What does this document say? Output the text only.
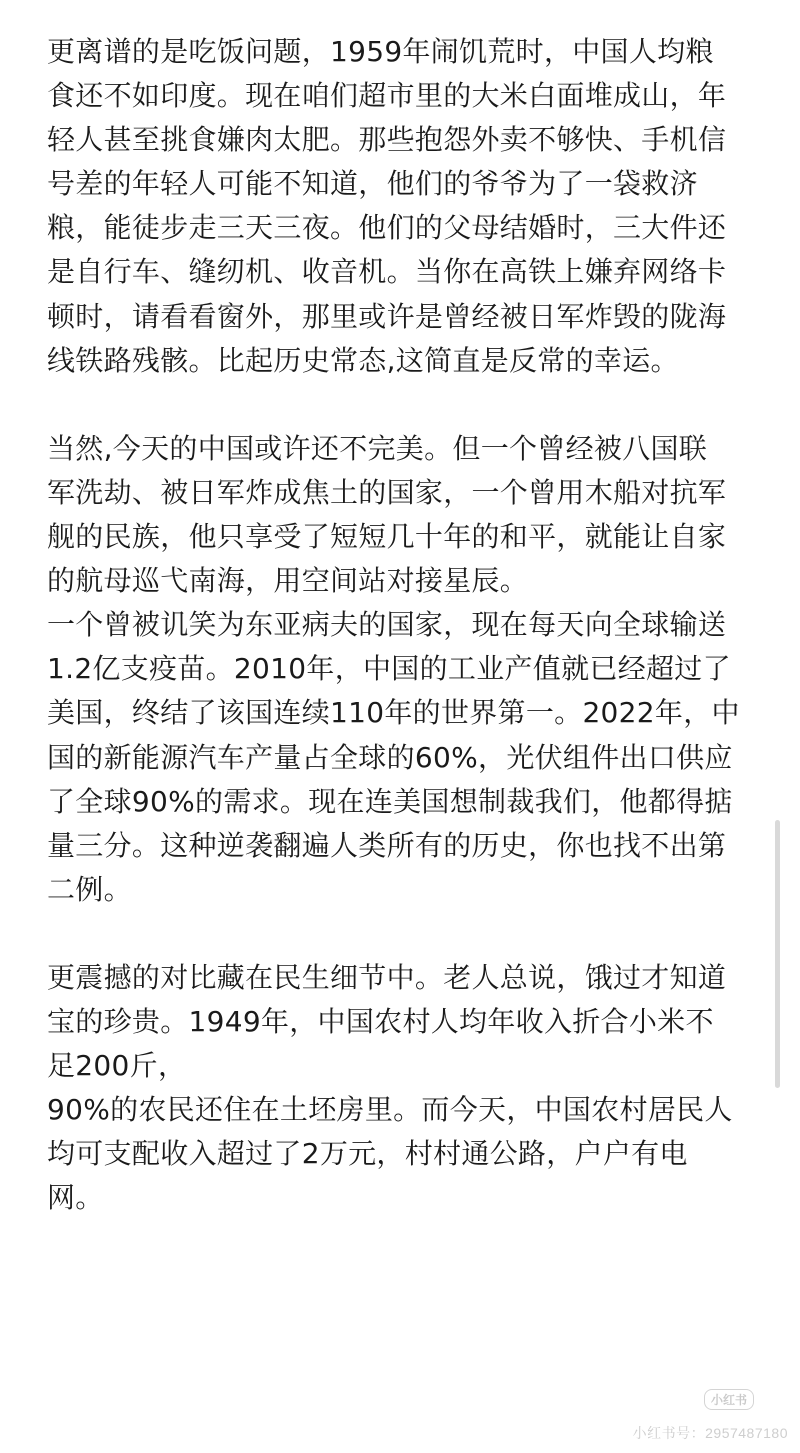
更离谱的是吃饭问题，1959年闹饥荒时，中国人均粮
食还不如印度。现在咱们超市里的大米白面堆成山，年
轻人甚至挑食嫌肉太肥。那些抱怨外卖不够快、手机信
号差的年轻人可能不知道，他们的爷爷为了一袋救济
粮，能徒步走三天三夜。他们的父母结婚时，三大件还
是自行车、缝纫机、收音机。当你在高铁上嫌弃网络卡
顿时，请看看窗外，那里或许是曾经被日军炸毁的陇海
线铁路残骸。比起历史常态,这简直是反常的幸运。
当然,今天的中国或许还不完美。但一个曾经被八国联
军洗劫、被日军炸成焦土的国家，一个曾用木船对抗军
舰的民族，他只享受了短短几十年的和平，就能让自家
的航母巡弋南海，用空间站对接星辰。
一个曾被讥笑为东亚病夫的国家，现在每天向全球输送
1.2亿支疫苗。2010年，中国的工业产值就已经超过了
美国，终结了该国连续110年的世界第一。2022年，中
国的新能源汽车产量占全球的60%，光伏组件出口供应
了全球90%的需求。现在连美国想制裁我们，他都得掂
量三分。这种逆袭翻遍人类所有的历史，你也找不出第
二例。
更震撼的对比藏在民生细节中。老人总说，饿过才知道
宝的珍贵。1949年，中国农村人均年收入折合小米不
足200斤，
90%的农民还住在土坯房里。而今天，中国农村居民人
均可支配收入超过了2万元，村村通公路，户户有电
网。
小红书
小红书号：2957487180
